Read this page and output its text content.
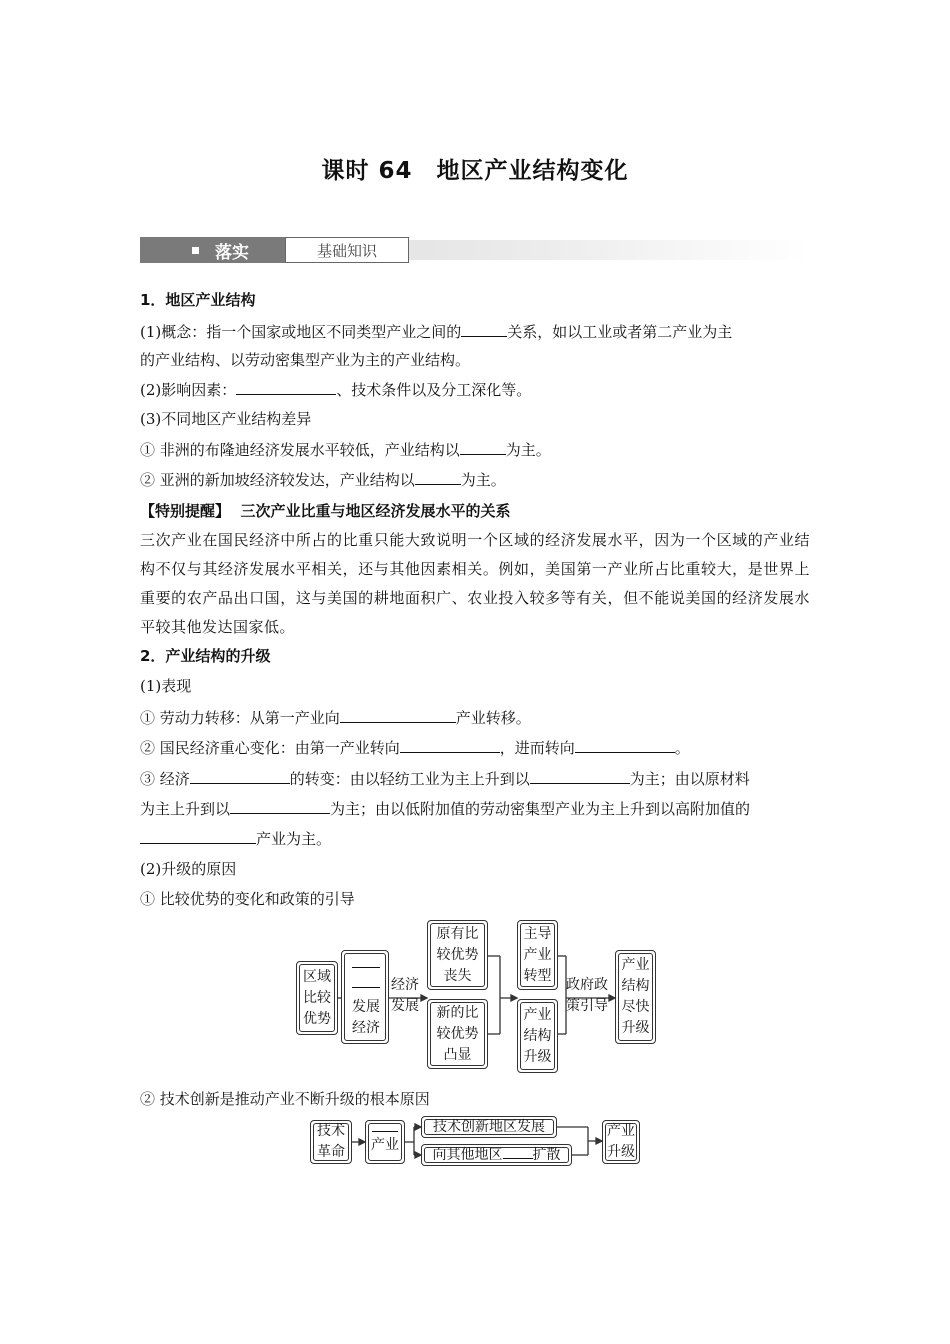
课时 64　地区产业结构变化
落实	基础知识
1．地区产业结构
(1)概念：指一个国家或地区不同类型产业之间的	关系，如以工业或者第二产业为主
的产业结构、以劳动密集型产业为主的产业结构。
(2)影响因素：	、技术条件以及分工深化等。
(3)不同地区产业结构差异
① 非洲的布隆迪经济发展水平较低，产业结构以	为主。
② 亚洲的新加坡经济较发达，产业结构以	为主。
【特别提醒】 三次产业比重与地区经济发展水平的关系
三次产业在国民经济中所占的比重只能大致说明一个区域的经济发展水平，因为一个区域的产业结构不仅与其经济发展水平相关，还与其他因素相关。例如，美国第一产业所占比重较大，是世界上重要的农产品出口国，这与美国的耕地面积广、农业投入较多等有关，但不能说美国的经济发展水平较其他发达国家低。
2．产业结构的升级
(1)表现
① 劳动力转移：从第一产业向	产业转移。
② 国民经济重心变化：由第一产业转向	，进而转向	。
③ 经济	的转变：由以轻纺工业为主上升到以	为主；由以原材料
为主上升到以	为主；由以低附加值的劳动密集型产业为主上升到以高附加值的
产业为主。
(2)升级的原因
① 比较优势的变化和政策的引导
区域比较优势
发展经济
经济发展
原有比较优势丧失
新的比较优势凸显
主导产业转型
产业结构升级
政府政策引导
产业结构尽快升级
② 技术创新是推动产业不断升级的根本原因
技术革命 产业
技术创新地区发展
向其他地区 扩散
产业升级
